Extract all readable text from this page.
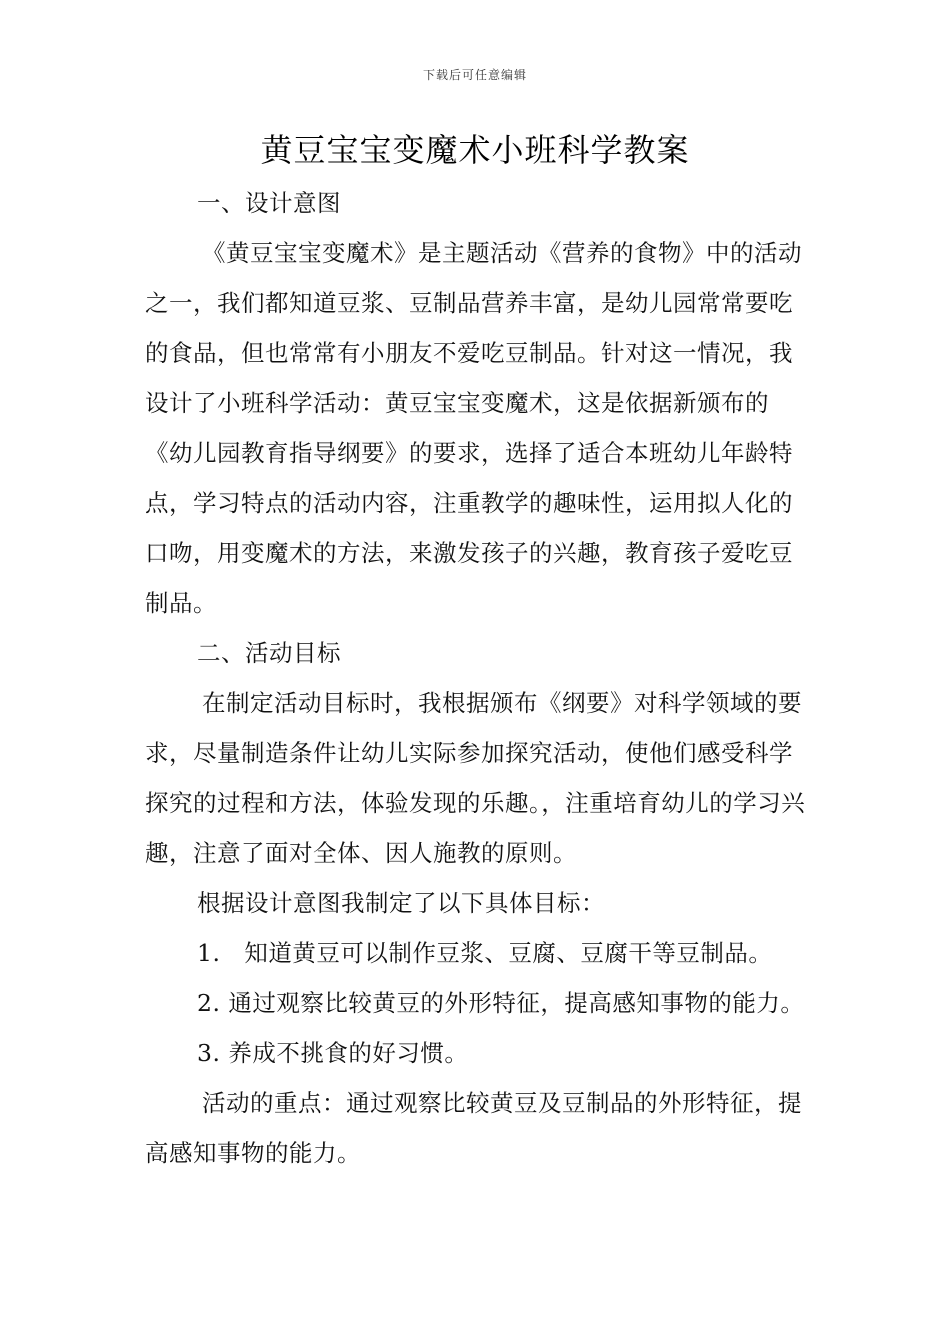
下载后可任意编辑
黄豆宝宝变魔术小班科学教案

一、设计意图

《黄豆宝宝变魔术》是主题活动《营养的食物》中的活动之一，我们都知道豆浆、豆制品营养丰富，是幼儿园常常要吃的食品，但也常常有小朋友不爱吃豆制品。针对这一情况，我设计了小班科学活动：黄豆宝宝变魔术，这是依据新颁布的《幼儿园教育指导纲要》的要求，选择了适合本班幼儿年龄特点，学习特点的活动内容，注重教学的趣味性，运用拟人化的口吻，用变魔术的方法，来激发孩子的兴趣，教育孩子爱吃豆制品。

二、活动目标

在制定活动目标时，我根据颁布《纲要》对科学领域的要求，尽量制造条件让幼儿实际参加探究活动，使他们感受科学探究的过程和方法，体验发现的乐趣。，注重培育幼儿的学习兴趣，注意了面对全体、因人施教的原则。

根据设计意图我制定了以下具体目标：

1.　知道黄豆可以制作豆浆、豆腐、豆腐干等豆制品。

2. 通过观察比较黄豆的外形特征，提高感知事物的能力。

3. 养成不挑食的好习惯。

活动的重点：通过观察比较黄豆及豆制品的外形特征，提高感知事物的能力。
